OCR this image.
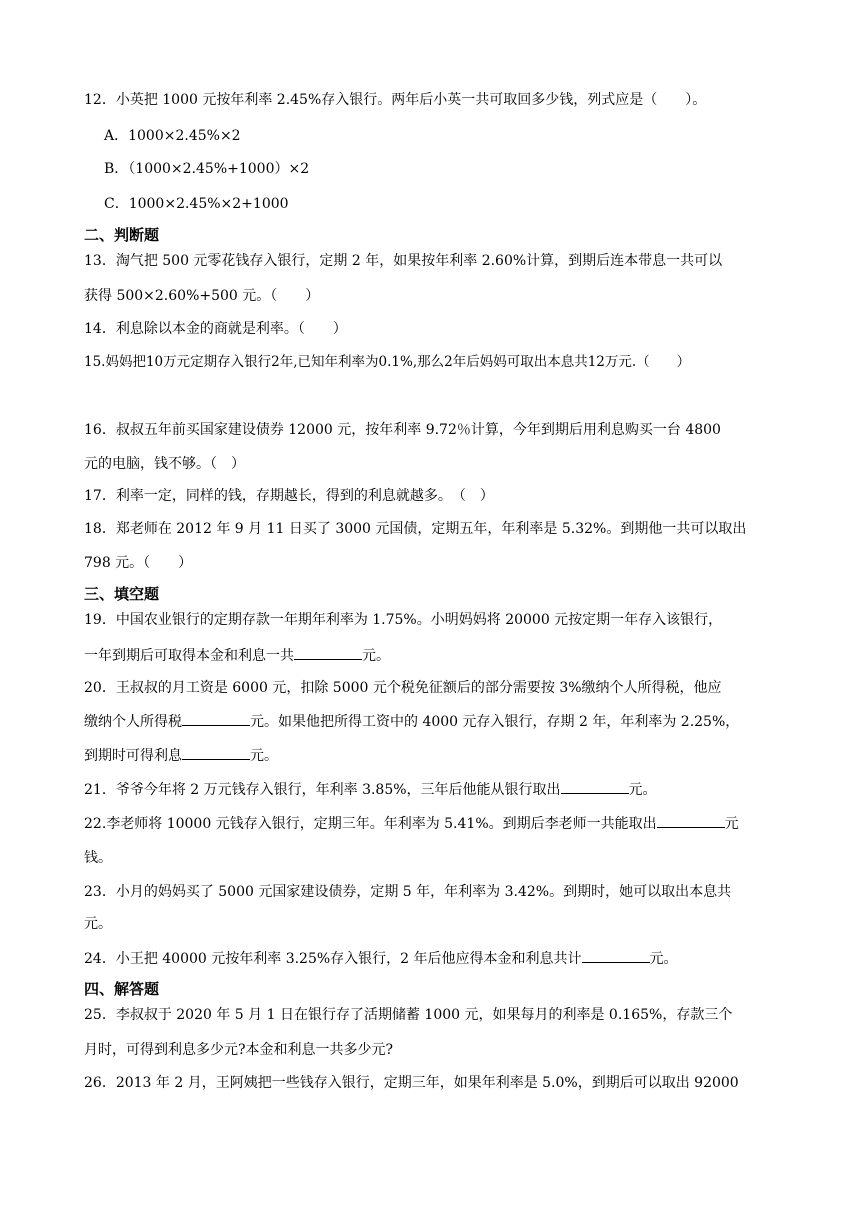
12．小英把 1000 元按年利率 2.45%存入银行。两年后小英一共可取回多少钱，列式应是（　　）。
A．1000×2.45%×2
B．（1000×2.45%+1000）×2
C．1000×2.45%×2+1000
二、判断题
13．淘气把 500 元零花钱存入银行，定期 2 年，如果按年利率 2.60%计算，到期后连本带息一共可以
获得 500×2.60%+500 元。（　　）
14．利息除以本金的商就是利率。（　　）
15.妈妈把10万元定期存入银行2年,已知年利率为0.1%,那么2年后妈妈可取出本息共12万元.（　　）
16．叔叔五年前买国家建设债券 12000 元，按年利率 9.72％计算，今年到期后用利息购买一台 4800
元的电脑，钱不够。（　）
17．利率一定，同样的钱，存期越长，得到的利息就越多。　（　）
18．郑老师在 2012 年 9 月 11 日买了 3000 元国债，定期五年，年利率是 5.32%。到期他一共可以取出
798 元。（　　）
三、填空题
19．中国农业银行的定期存款一年期年利率为 1.75%。小明妈妈将 20000 元按定期一年存入该银行，
一年到期后可取得本金和利息一共	元。
20．王叔叔的月工资是 6000 元，扣除 5000 元个税免征额后的部分需要按 3%缴纳个人所得税，他应
缴纳个人所得税	元。如果他把所得工资中的 4000 元存入银行，存期 2 年，年利率为 2.25%，
到期时可得利息	元。
21．爷爷今年将 2 万元钱存入银行，年利率 3.85%，三年后他能从银行取出	元。
22.李老师将 10000 元钱存入银行，定期三年。年利率为 5.41%。到期后李老师一共能取出	元
钱。
23．小月的妈妈买了 5000 元国家建设债券，定期 5 年，年利率为 3.42%。到期时，她可以取出本息共
元。
24．小王把 40000 元按年利率 3.25%存入银行，2 年后他应得本金和利息共计	元。
四、解答题
25．李叔叔于 2020 年 5 月 1 日在银行存了活期储蓄 1000 元，如果每月的利率是 0.165%，存款三个
月时，可得到利息多少元?本金和利息一共多少元?
26．2013 年 2 月，王阿姨把一些钱存入银行，定期三年，如果年利率是 5.0%，到期后可以取出 92000
